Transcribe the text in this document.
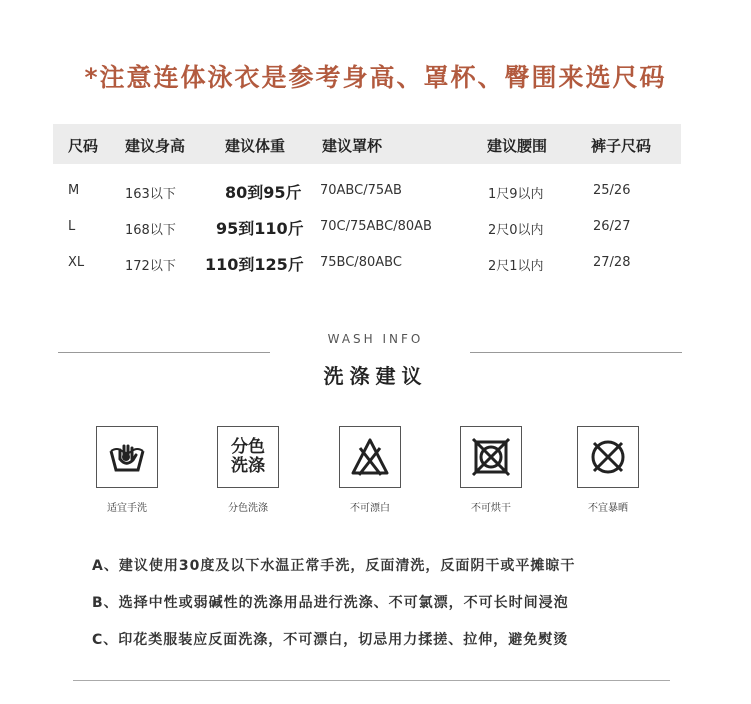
*注意连体泳衣是参考身高、罩杯、臀围来选尺码
尺码 建议身高	建议体重 建议罩杯	建议腰围	裤子尺码
M	163以下	80到95斤 70ABC/75AB	1尺9以内	25/26
L	168以下	95到110斤 70C/75ABC/80AB	2尺0以内	26/27
XL	172以下 110到125斤 75BC/80ABC	2尺1以内	27/28
WASH INFO
洗涤建议
适宜手洗
分色
洗涤
分色洗涤	不可漂白	不可烘干	不宜暴晒
A、建议使用30度及以下水温正常手洗，反面清洗，反面阴干或平摊晾干
B、选择中性或弱碱性的洗涤用品进行洗涤、不可氯漂，不可长时间浸泡
C、印花类服装应反面洗涤，不可漂白，切忌用力揉搓、拉伸，避免熨烫
